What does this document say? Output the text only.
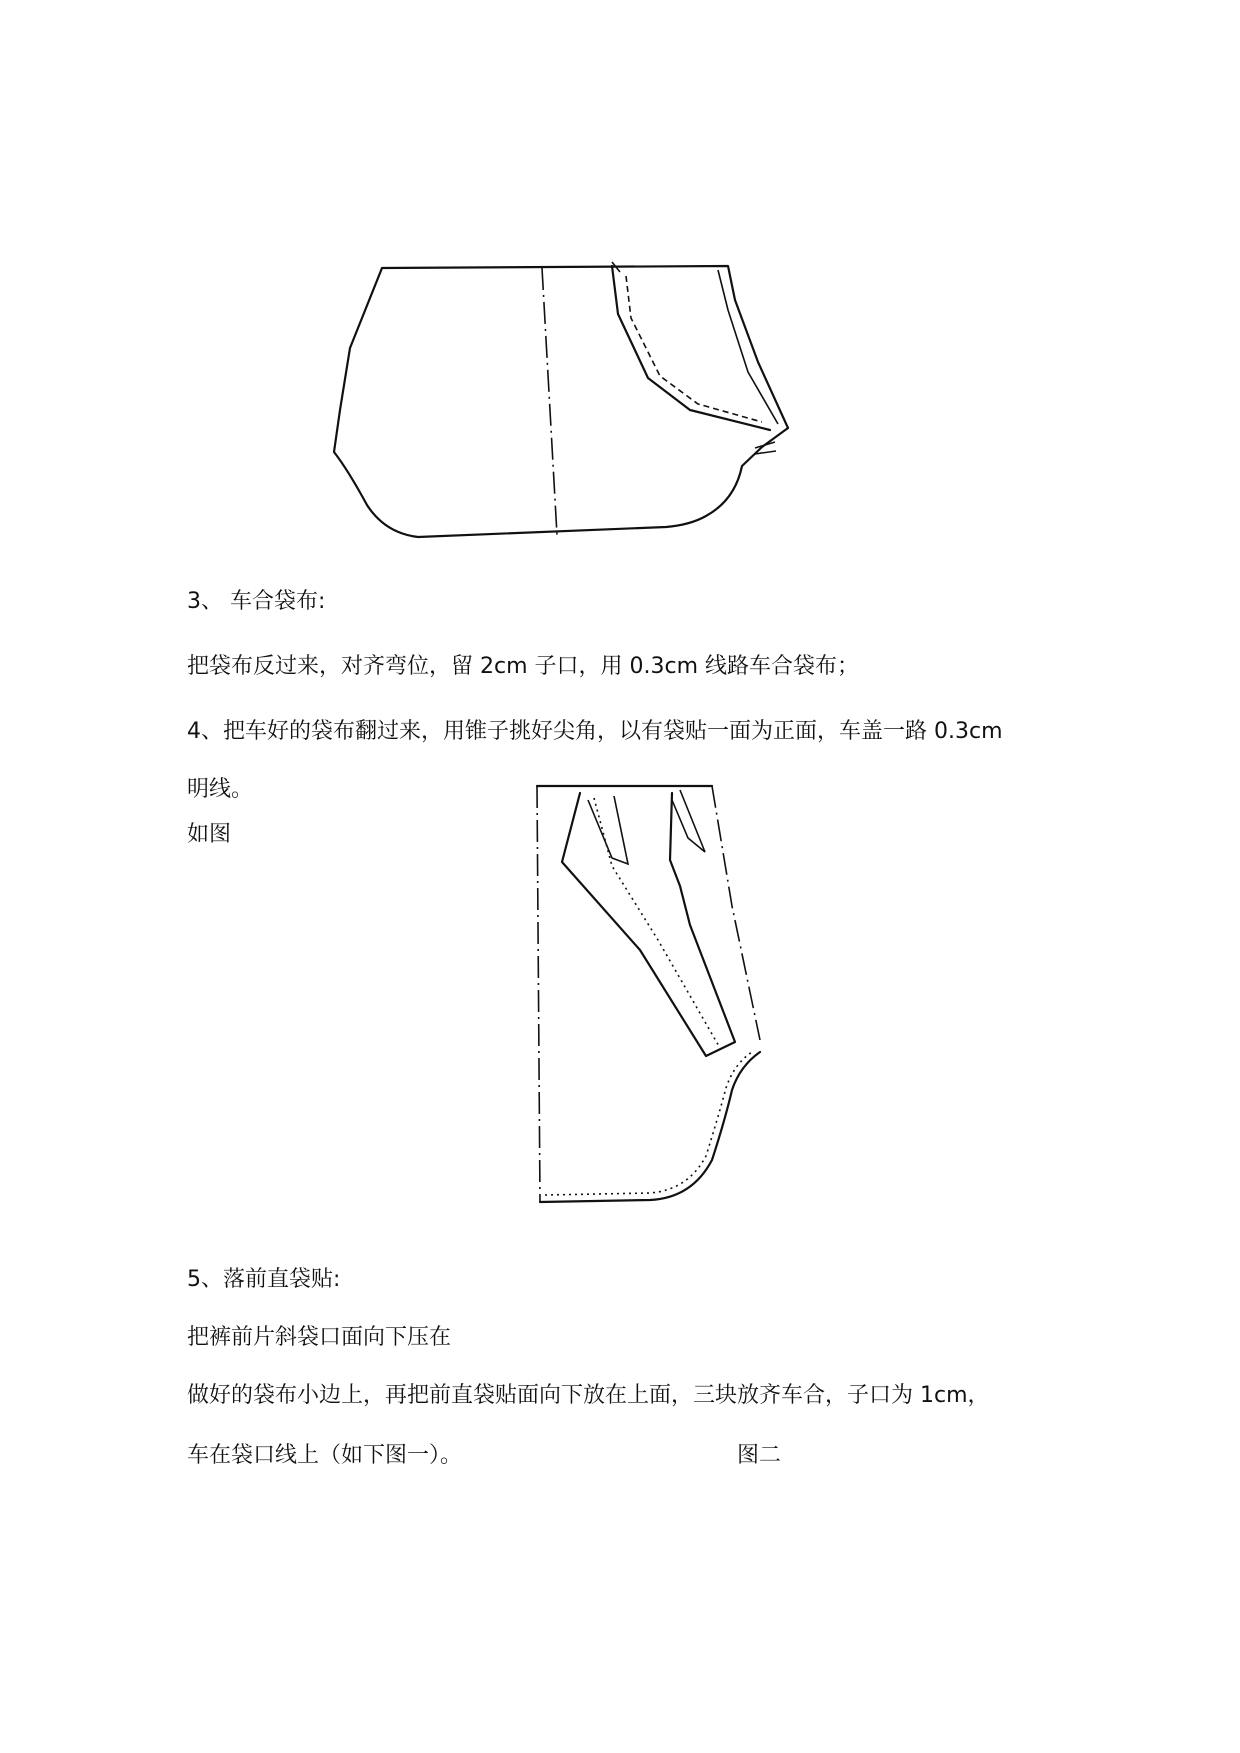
3、 车合袋布:
把袋布反过来，对齐弯位，留 2cm 子口，用 0.3cm 线路车合袋布；
4、把车好的袋布翻过来，用锥子挑好尖角，以有袋贴一面为正面，车盖一路 0.3cm
明线。
如图
5、落前直袋贴:
把裤前片斜袋口面向下压在
做好的袋布小边上，再把前直袋贴面向下放在上面，三块放齐车合，子口为 1cm，
车在袋口线上（如下图一）。	图二
